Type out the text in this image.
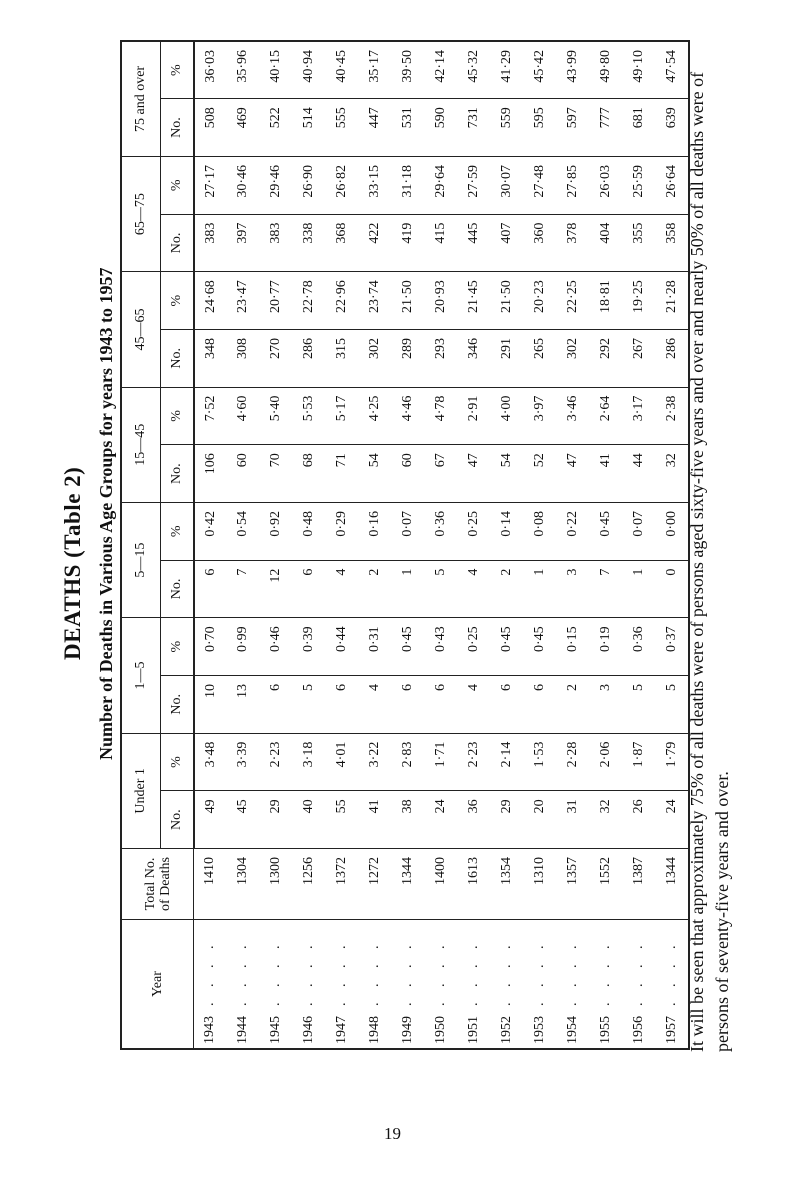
DEATHS (Table 2) Number of Deaths in Various Age Groups for years 1943 to 1957
Year	Total No. of Deaths	Under 1		1—5		5—15		15—45		45—65		65—75		75 and over	
		No.	%	No.	%	No.	%	No.	%	No.	%	No.	%	No.	%
1943. . . .	1410	49	3·48	10	0·70	6	0·42	106	7·52	348	24·68	383	27·17	508	36·03
1944. . . .	1304	45	3·39	13	0·99	7	0·54	60	4·60	308	23·47	397	30·46	469	35·96
1945. . . .	1300	29	2·23	6	0·46	12	0·92	70	5·40	270	20·77	383	29·46	522	40·15
1946. . . .	1256	40	3·18	5	0·39	6	0·48	68	5·53	286	22·78	338	26·90	514	40·94
1947. . . .	1372	55	4·01	6	0·44	4	0·29	71	5·17	315	22·96	368	26·82	555	40·45
1948. . . .	1272	41	3·22	4	0·31	2	0·16	54	4·25	302	23·74	422	33·15	447	35·17
1949. . . .	1344	38	2·83	6	0·45	1	0·07	60	4·46	289	21·50	419	31·18	531	39·50
1950. . . .	1400	24	1·71	6	0·43	5	0·36	67	4·78	293	20·93	415	29·64	590	42·14
1951. . . .	1613	36	2·23	4	0·25	4	0·25	47	2·91	346	21·45	445	27·59	731	45·32
1952. . . .	1354	29	2·14	6	0·45	2	0·14	54	4·00	291	21·50	407	30·07	559	41·29
1953. . . .	1310	20	1·53	6	0·45	1	0·08	52	3·97	265	20·23	360	27·48	595	45·42
1954. . . .	1357	31	2·28	2	0·15	3	0·22	47	3·46	302	22·25	378	27·85	597	43·99
1955. . . .	1552	32	2·06	3	0·19	7	0·45	41	2·64	292	18·81	404	26·03	777	49·80
1956. . . .	1387	26	1·87	5	0·36	1	0·07	44	3·17	267	19·25	355	25·59	681	49·10
1957. . . .	1344	24	1·79	5	0·37	0	0·00	32	2·38	286	21·28	358	26·64	639	47·54
19
It will be seen that approximately 75% of all deaths were of persons aged sixty-five years and over and nearly 50% of all deaths were of persons of seventy-five years and over.
